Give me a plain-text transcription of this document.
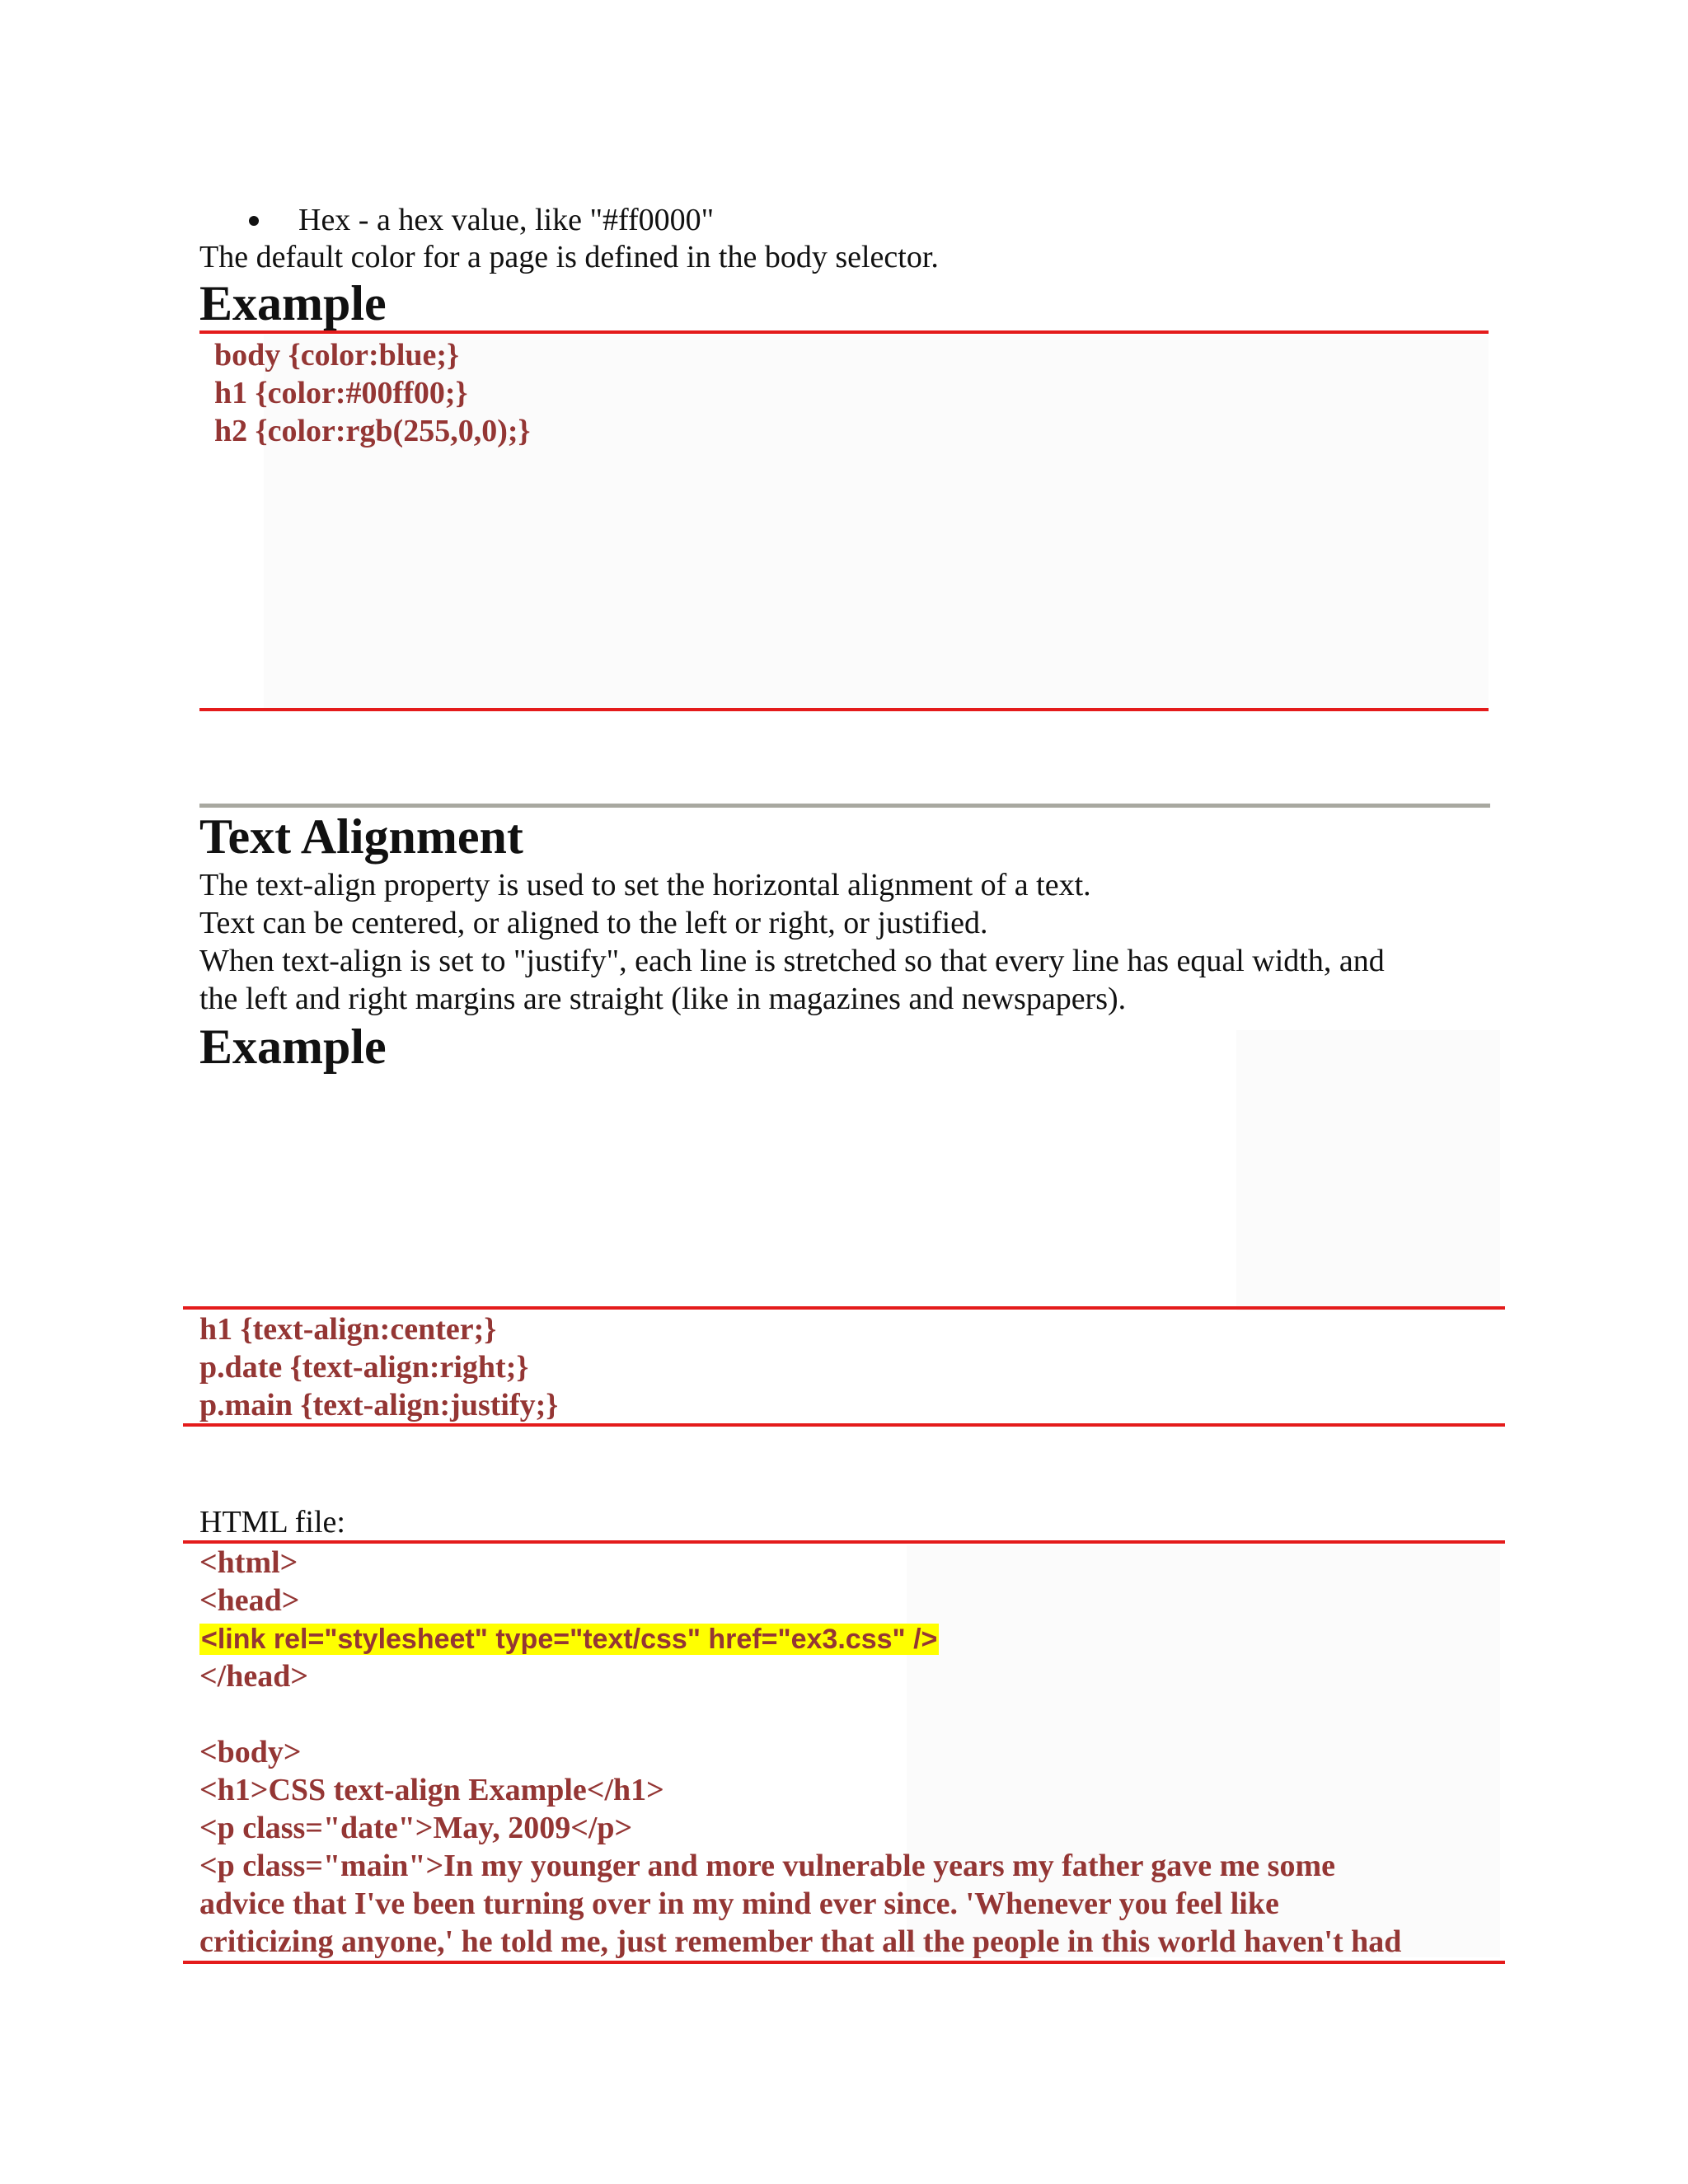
Hex - a hex value, like "#ff0000"

The default color for a page is defined in the body selector.

Example
body {color:blue;}
h1 {color:#00ff00;}
h2 {color:rgb(255,0,0);}
Text Alignment

The text-align property is used to set the horizontal alignment of a text.

Text can be centered, or aligned to the left or right, or justified.

When text-align is set to "justify", each line is stretched so that every line has equal width, and

the left and right margins are straight (like in magazines and newspapers).

Example
h1 {text-align:center;}
p.date {text-align:right;}
p.main {text-align:justify;}

HTML file:

<html>
<head>
<link rel="stylesheet" type="text/css" href="ex3.css" />
</head>
<body>
<h1>CSS text-align Example</h1>
<p class="date">May, 2009</p>
<p class="main">In my younger and more vulnerable years my father gave me some
advice that I've been turning over in my mind ever since. 'Whenever you feel like
criticizing anyone,' he told me, just remember that all the people in this world haven't had
